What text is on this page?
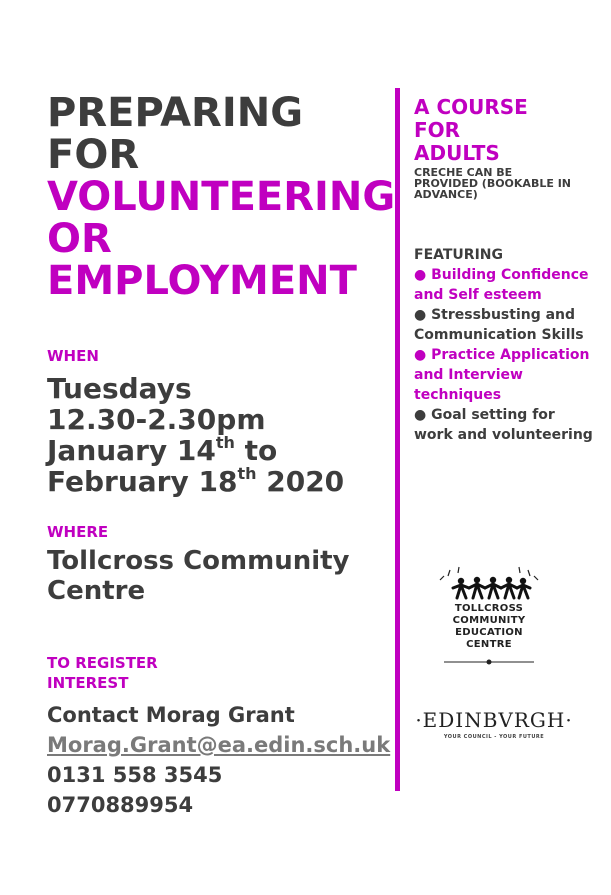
PREPARING
FOR
VOLUNTEERING
OR
EMPLOYMENT
WHEN
Tuesdays
12.30-2.30pm
January 14th to
February 18th 2020
WHERE
Tollcross Community Centre
TO REGISTER INTEREST
Contact Morag Grant
Morag.Grant@ea.edin.sch.uk
0131 558 3545
0770889954
A COURSE
FOR
ADULTS
CRECHE CAN BE PROVIDED (BOOKABLE IN ADVANCE)
FEATURING
● Building Confidence and Self esteem
● Stressbusting and Communication Skills
● Practice Application and Interview techniques
● Goal setting for work and volunteering
TOLLCROSS
COMMUNITY
EDUCATION
CENTRE
·EDINBVRGH·
YOUR COUNCIL - YOUR FUTURE
